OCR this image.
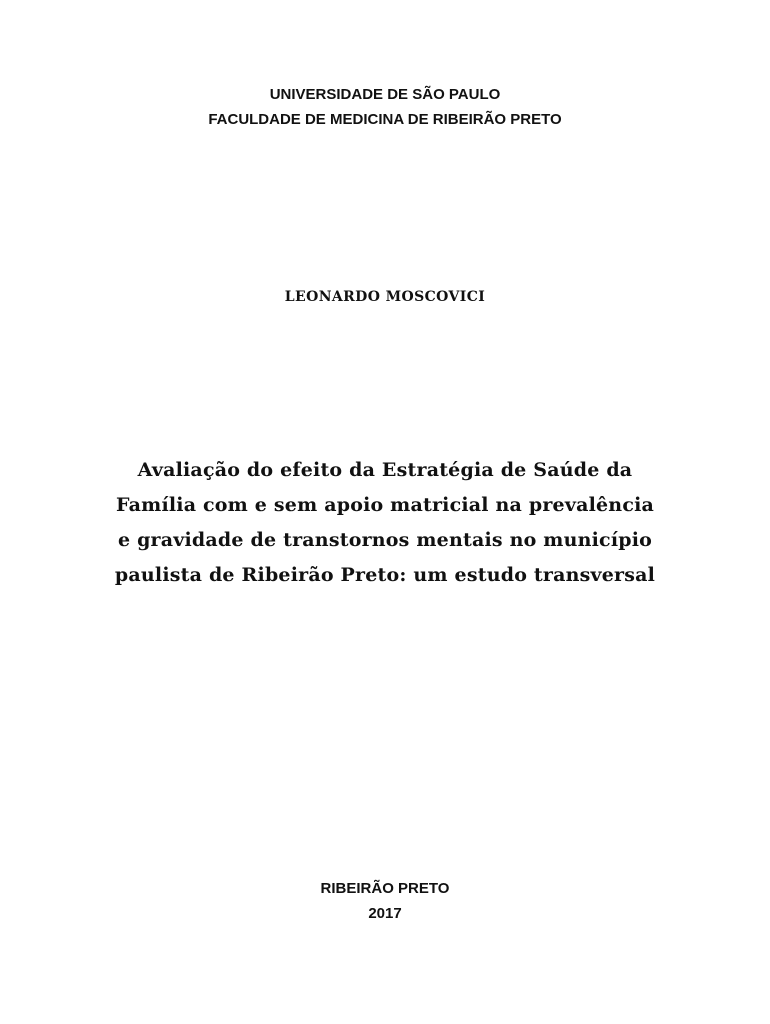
UNIVERSIDADE DE SÃO PAULO
FACULDADE DE MEDICINA DE RIBEIRÃO PRETO
LEONARDO MOSCOVICI
Avaliação do efeito da Estratégia de Saúde da
Família com e sem apoio matricial na prevalência
e gravidade de transtornos mentais no município
paulista de Ribeirão Preto: um estudo transversal
RIBEIRÃO PRETO
2017
